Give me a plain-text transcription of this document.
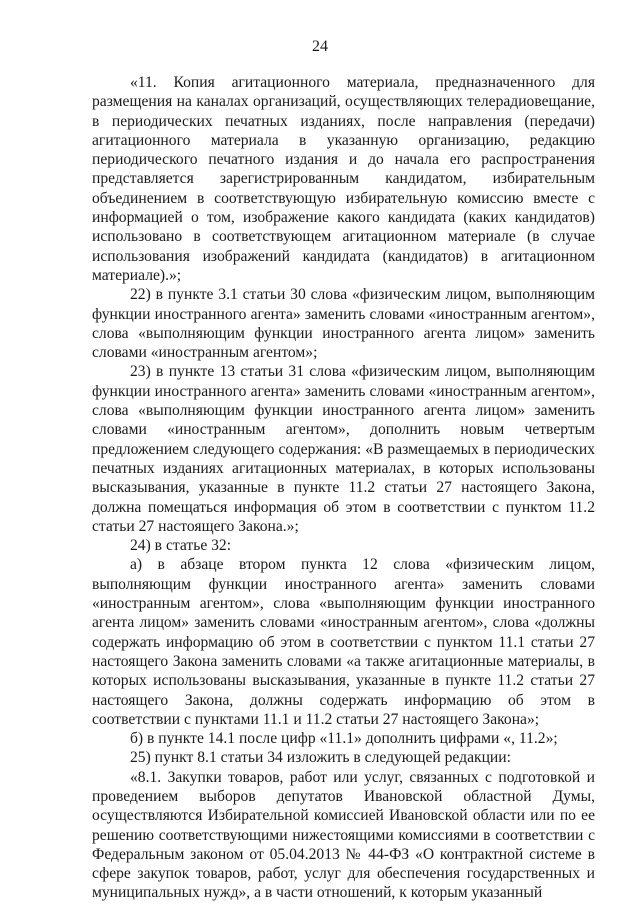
24

«11. Копия агитационного материала, предназначенного для размещения на каналах организаций, осуществляющих телерадиовещание, в периодических печатных изданиях, после направления (передачи) агитационного материала в указанную организацию, редакцию периодического печатного издания и до начала его распространения представляется зарегистрированным кандидатом, избирательным объединением в соответствующую избирательную комиссию вместе с информацией о том, изображение какого кандидата (каких кандидатов) использовано в соответствующем агитационном материале (в случае использования изображений кандидата (кандидатов) в агитационном материале).»;

22) в пункте 3.1 статьи 30 слова «физическим лицом, выполняющим функции иностранного агента» заменить словами «иностранным агентом», слова «выполняющим функции иностранного агента лицом» заменить словами «иностранным агентом»;

23) в пункте 13 статьи 31 слова «физическим лицом, выполняющим функции иностранного агента» заменить словами «иностранным агентом», слова «выполняющим функции иностранного агента лицом» заменить словами «иностранным агентом», дополнить новым четвертым предложением следующего содержания: «В размещаемых в периодических печатных изданиях агитационных материалах, в которых использованы высказывания, указанные в пункте 11.2 статьи 27 настоящего Закона, должна помещаться информация об этом в соответствии с пунктом 11.2 статьи 27 настоящего Закона.»;

24) в статье 32:

а) в абзаце втором пункта 12 слова «физическим лицом, выполняющим функции иностранного агента» заменить словами «иностранным агентом», слова «выполняющим функции иностранного агента лицом» заменить словами «иностранным агентом», слова «должны содержать информацию об этом в соответствии с пунктом 11.1 статьи 27 настоящего Закона заменить словами «а также агитационные материалы, в которых использованы высказывания, указанные в пункте 11.2 статьи 27 настоящего Закона, должны содержать информацию об этом в соответствии с пунктами 11.1 и 11.2 статьи 27 настоящего Закона»;

б) в пункте 14.1 после цифр «11.1» дополнить цифрами «, 11.2»;

25) пункт 8.1 статьи 34 изложить в следующей редакции:

«8.1. Закупки товаров, работ или услуг, связанных с подготовкой и проведением выборов депутатов Ивановской областной Думы, осуществляются Избирательной комиссией Ивановской области или по ее решению соответствующими нижестоящими комиссиями в соответствии с Федеральным законом от 05.04.2013 № 44-ФЗ «О контрактной системе в сфере закупок товаров, работ, услуг для обеспечения государственных и муниципальных нужд», а в части отношений, к которым указанный
